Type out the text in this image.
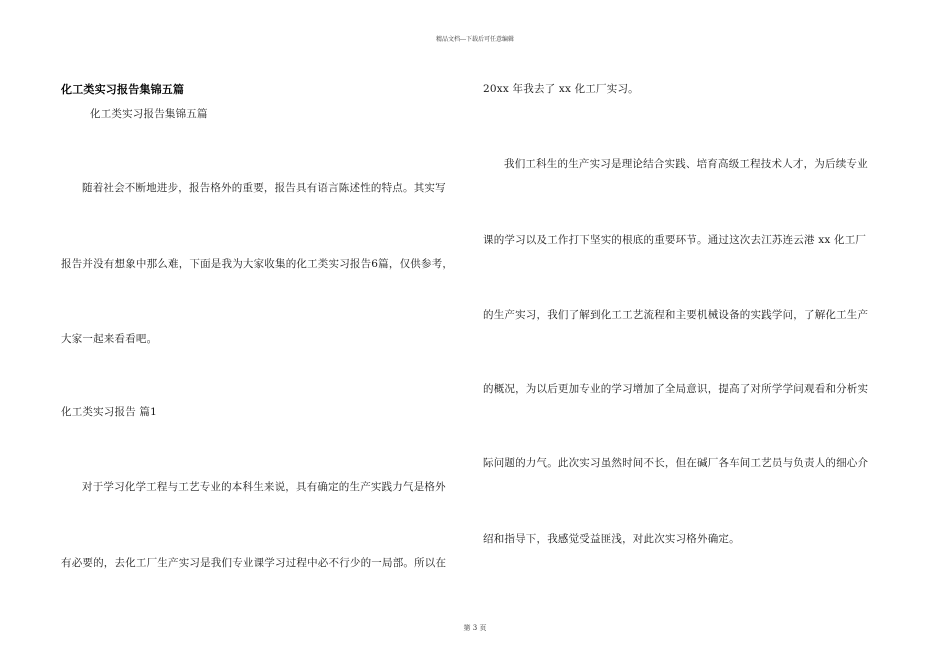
精品文档---下载后可任意编辑
化工类实习报告集锦五篇
化工类实习报告集锦五篇
随着社会不断地进步，报告格外的重要，报告具有语言陈述性的特点。其实写
报告并没有想象中那么难，下面是我为大家收集的化工类实习报告6篇，仅供参考，
大家一起来看看吧。
化工类实习报告 篇1
对于学习化学工程与工艺专业的本科生来说，具有确定的生产实践力气是格外
有必要的，去化工厂生产实习是我们专业课学习过程中必不行少的一局部。所以在
20xx 年我去了 xx 化工厂实习。
我们工科生的生产实习是理论结合实践、培育高级工程技术人才，为后续专业
课的学习以及工作打下坚实的根底的重要环节。通过这次去江苏连云港 xx 化工厂
的生产实习，我们了解到化工工艺流程和主要机械设备的实践学问，了解化工生产
的概况，为以后更加专业的学习增加了全局意识，提高了对所学学问观看和分析实
际问题的力气。此次实习虽然时间不长，但在碱厂各车间工艺员与负责人的细心介
绍和指导下，我感觉受益匪浅，对此次实习格外确定。
第 3 页
